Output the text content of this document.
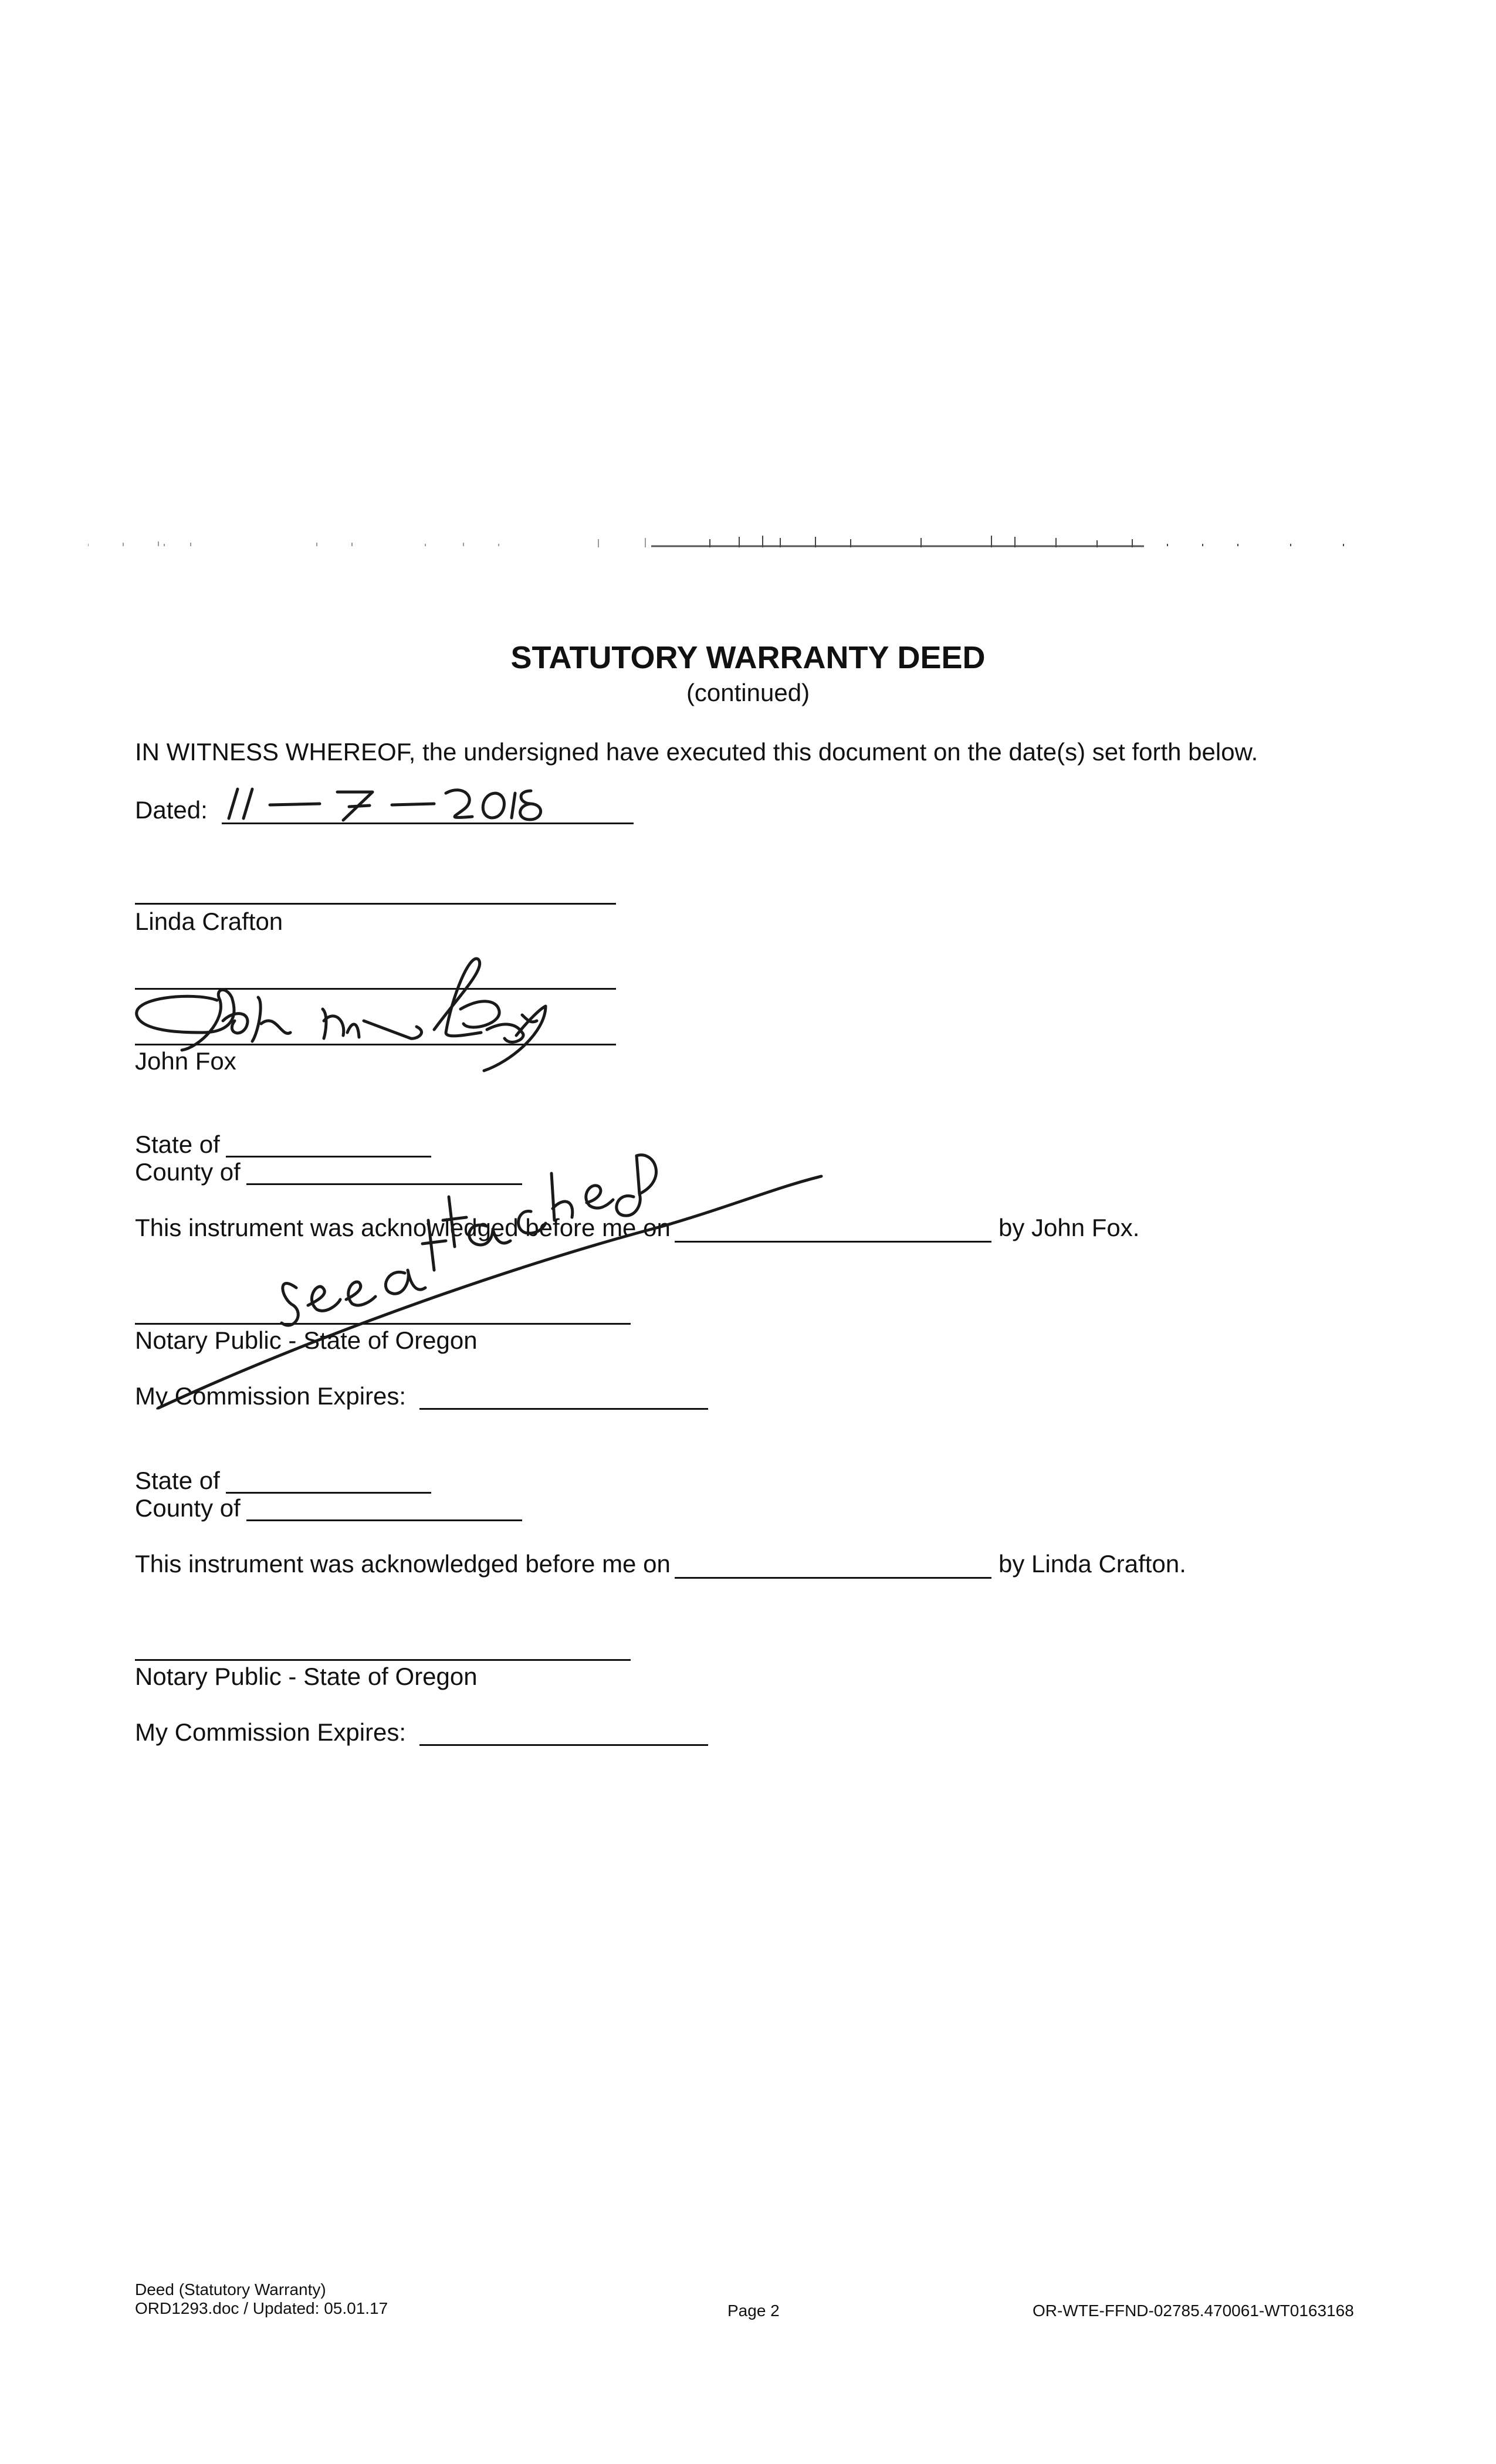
STATUTORY WARRANTY DEED
(continued)
IN WITNESS WHEREOF, the undersigned have executed this document on the date(s) set forth below.
Dated:
Linda Crafton
John Fox
State of
County of
This instrument was acknowledged before me on	by John Fox.
Notary Public - State of Oregon
My Commission Expires:
State of
County of
This instrument was acknowledged before me on	by Linda Crafton.
Notary Public - State of Oregon
My Commission Expires:
Deed (Statutory Warranty)
ORD1293.doc / Updated: 05.01.17	Page 2	OR-WTE-FFND-02785.470061-WT0163168
